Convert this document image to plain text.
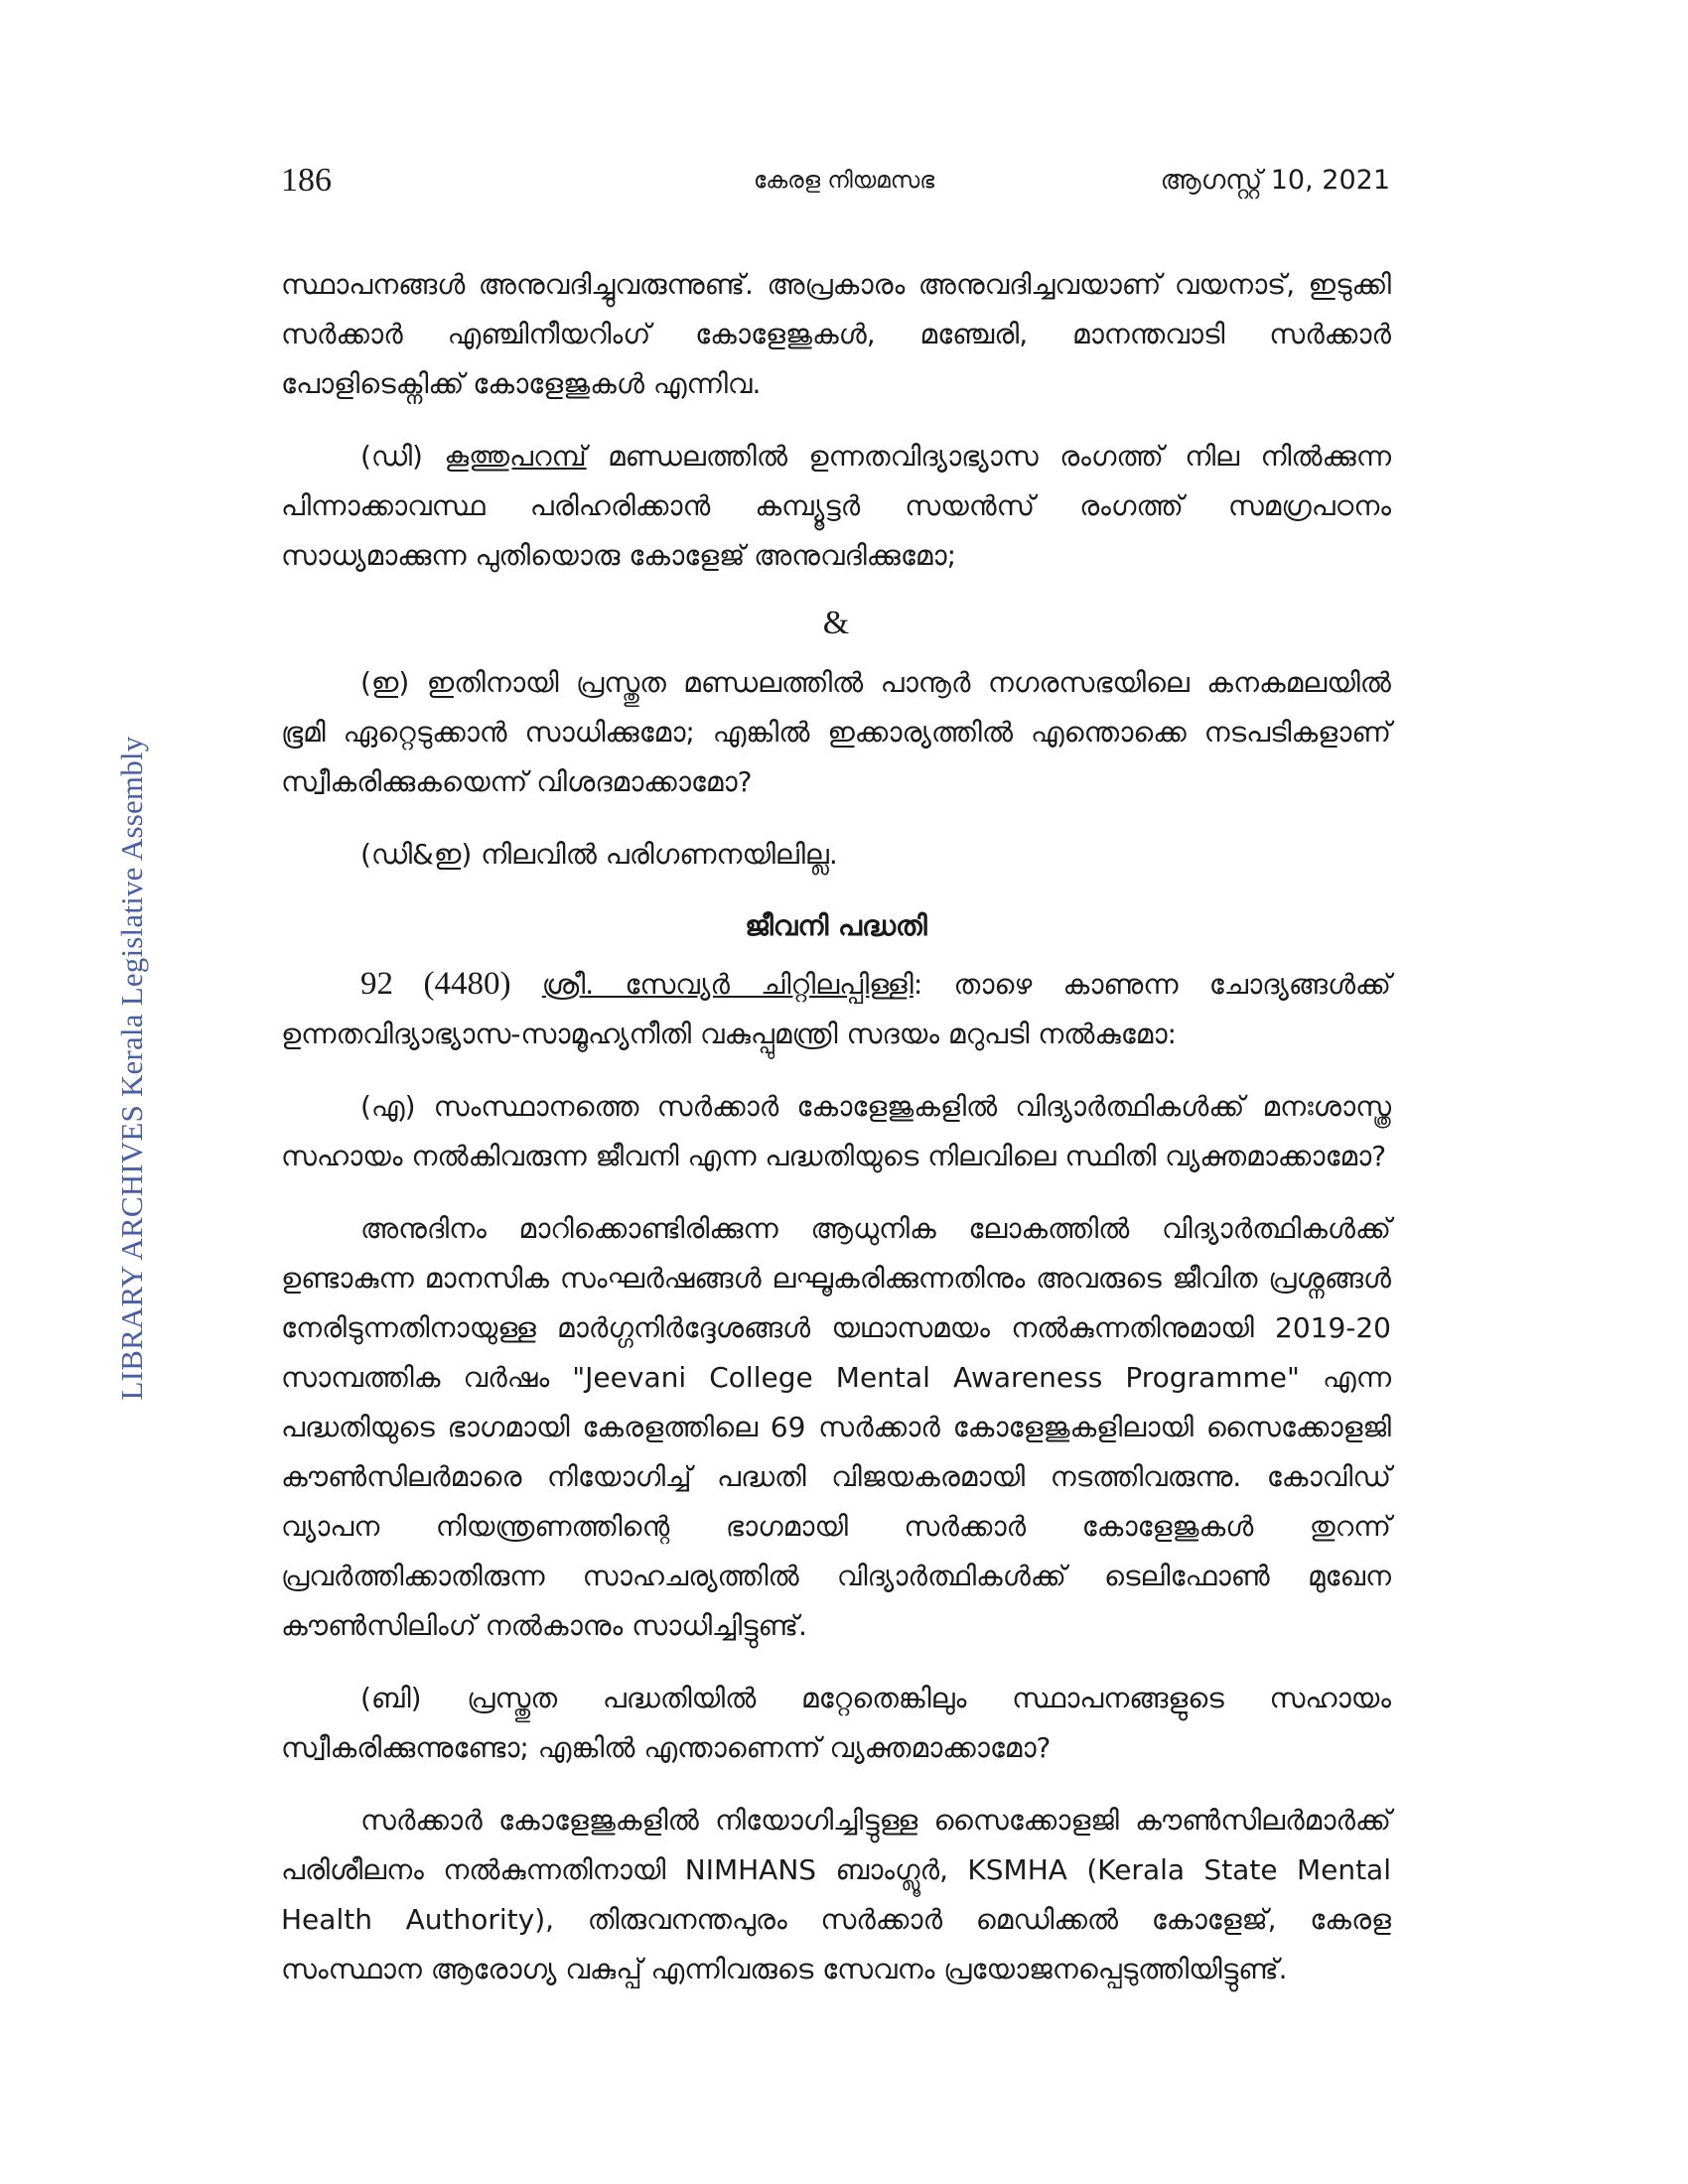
186	കേരള നിയമസഭ	ആഗസ്റ്റ് 10, 2021
LIBRARY ARCHIVES Kerala Legislative Assembly

സ്ഥാപനങ്ങൾ അനുവദിച്ചുവരുന്നുണ്ട്. അപ്രകാരം അനുവദിച്ചവയാണ് വയനാട്, ഇടുക്കി സർക്കാർ എഞ്ചിനീയറിംഗ് കോളേജുകൾ, മഞ്ചേരി, മാനന്തവാടി സർക്കാർ പോളിടെക്നിക്ക് കോളേജുകൾ എന്നിവ.

(ഡി) കൂത്തുപറമ്പ് മണ്ഡലത്തിൽ ഉന്നതവിദ്യാഭ്യാസ രംഗത്ത് നില നിൽക്കുന്ന പിന്നാക്കാവസ്ഥ പരിഹരിക്കാൻ കമ്പ്യൂട്ടർ സയൻസ് രംഗത്ത് സമഗ്രപഠനം സാധ്യമാക്കുന്ന പുതിയൊരു കോളേജ് അനുവദിക്കുമോ;

&

(ഇ) ഇതിനായി പ്രസ്തുത മണ്ഡലത്തിൽ പാനൂർ നഗരസഭയിലെ കനകമലയിൽ ഭൂമി ഏറ്റെടുക്കാൻ സാധിക്കുമോ; എങ്കിൽ ഇക്കാര്യത്തിൽ എന്തൊക്കെ നടപടികളാണ് സ്വീകരിക്കുകയെന്ന് വിശദമാക്കാമോ?

(ഡി&ഇ) നിലവിൽ പരിഗണനയിലില്ല.

ജീവനി പദ്ധതി

92 (4480) ശ്രീ. സേവ്യർ ചിറ്റിലപ്പിള്ളി: താഴെ കാണുന്ന ചോദ്യങ്ങൾക്ക് ഉന്നതവിദ്യാഭ്യാസ-സാമൂഹ്യനീതി വകുപ്പുമന്ത്രി സദയം മറുപടി നൽകുമോ:

(എ) സംസ്ഥാനത്തെ സർക്കാർ കോളേജുകളിൽ വിദ്യാർത്ഥികൾക്ക് മനഃശാസ്ത്ര സഹായം നൽകിവരുന്ന ജീവനി എന്ന പദ്ധതിയുടെ നിലവിലെ സ്ഥിതി വ്യക്തമാക്കാമോ?

അനുദിനം മാറിക്കൊണ്ടിരിക്കുന്ന ആധുനിക ലോകത്തിൽ വിദ്യാർത്ഥികൾക്ക് ഉണ്ടാകുന്ന മാനസിക സംഘർഷങ്ങൾ ലഘൂകരിക്കുന്നതിനും അവരുടെ ജീവിത പ്രശ്നങ്ങൾ നേരിടുന്നതിനായുള്ള മാർഗ്ഗനിർദ്ദേശങ്ങൾ യഥാസമയം നൽകുന്നതിനുമായി 2019-20 സാമ്പത്തിക വർഷം "Jeevani College Mental Awareness Programme" എന്ന പദ്ധതിയുടെ ഭാഗമായി കേരളത്തിലെ 69 സർക്കാർ കോളേജുകളിലായി സൈക്കോളജി കൗൺസിലർമാരെ നിയോഗിച്ച് പദ്ധതി വിജയകരമായി നടത്തിവരുന്നു. കോവിഡ് വ്യാപന നിയന്ത്രണത്തിന്റെ ഭാഗമായി സർക്കാർ കോളേജുകൾ തുറന്ന് പ്രവർത്തിക്കാതിരുന്ന സാഹചര്യത്തിൽ വിദ്യാർത്ഥികൾക്ക് ടെലിഫോൺ മുഖേന കൗൺസിലിംഗ് നൽകാനും സാധിച്ചിട്ടുണ്ട്.

(ബി) പ്രസ്തുത പദ്ധതിയിൽ മറ്റേതെങ്കിലും സ്ഥാപനങ്ങളുടെ സഹായം സ്വീകരിക്കുന്നുണ്ടോ; എങ്കിൽ എന്താണെന്ന് വ്യക്തമാക്കാമോ?

സർക്കാർ കോളേജുകളിൽ നിയോഗിച്ചിട്ടുള്ള സൈക്കോളജി കൗൺസിലർമാർക്ക് പരിശീലനം നൽകുന്നതിനായി NIMHANS ബാംഗ്ലൂർ, KSMHA (Kerala State Mental Health Authority), തിരുവനന്തപുരം സർക്കാർ മെഡിക്കൽ കോളേജ്, കേരള സംസ്ഥാന ആരോഗ്യ വകുപ്പ് എന്നിവരുടെ സേവനം പ്രയോജനപ്പെടുത്തിയിട്ടുണ്ട്.
